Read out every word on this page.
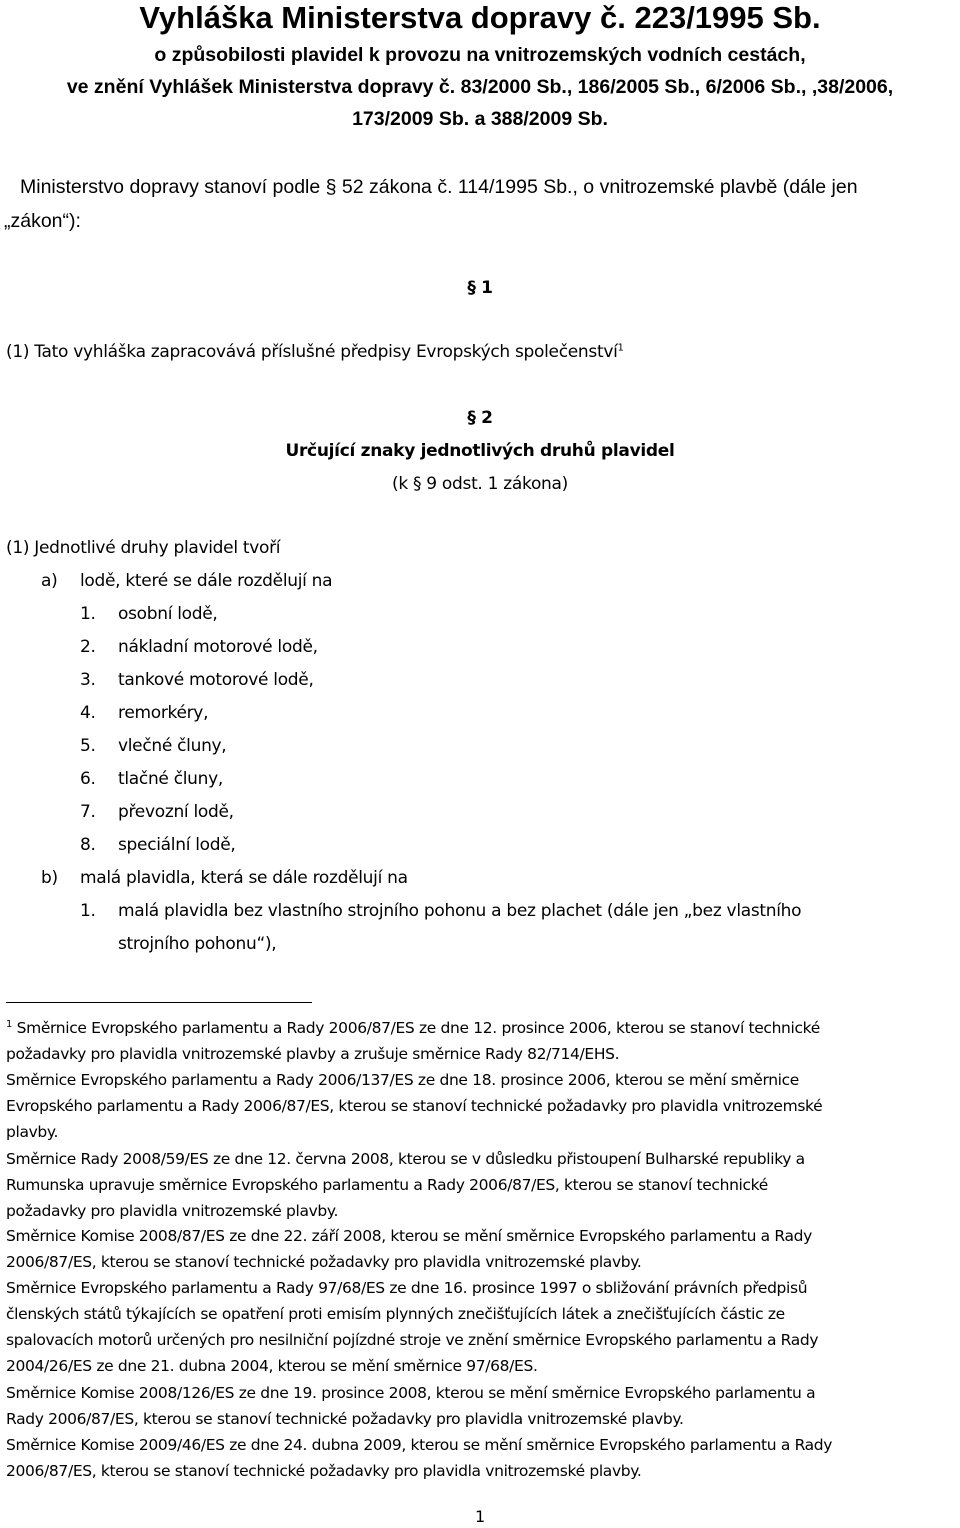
Vyhláška Ministerstva dopravy č. 223/1995 Sb.
o způsobilosti plavidel k provozu na vnitrozemských vodních cestách,
ve znění Vyhlášek Ministerstva dopravy č. 83/2000 Sb., 186/2005 Sb., 6/2006 Sb., ,38/2006,
173/2009 Sb. a 388/2009 Sb.
Ministerstvo dopravy stanoví podle § 52 zákona č. 114/1995 Sb., o vnitrozemské plavbě (dále jen
„zákon“):
§ 1
(1) Tato vyhláška zapracovává příslušné předpisy Evropských společenství$^1$
§ 2
Určující znaky jednotlivých druhů plavidel
(k § 9 odst. 1 zákona)
(1) Jednotlivé druhy plavidel tvoří
a) lodě, které se dále rozdělují na
1. osobní lodě,
2. nákladní motorové lodě,
3. tankové motorové lodě,
4. remorkéry,
5. vlečné čluny,
6. tlačné čluny,
7. převozní lodě,
8. speciální lodě,
b) malá plavidla, která se dále rozdělují na
1. malá plavidla bez vlastního strojního pohonu a bez plachet (dále jen „bez vlastního
strojního pohonu“),
$^1$ Směrnice Evropského parlamentu a Rady 2006/87/ES ze dne 12. prosince 2006, kterou se stanoví technické
požadavky pro plavidla vnitrozemské plavby a zrušuje směrnice Rady 82/714/EHS.
Směrnice Evropského parlamentu a Rady 2006/137/ES ze dne 18. prosince 2006, kterou se mění směrnice
Evropského parlamentu a Rady 2006/87/ES, kterou se stanoví technické požadavky pro plavidla vnitrozemské
plavby.
Směrnice Rady 2008/59/ES ze dne 12. června 2008, kterou se v důsledku přistoupení Bulharské republiky a
Rumunska upravuje směrnice Evropského parlamentu a Rady 2006/87/ES, kterou se stanoví technické
požadavky pro plavidla vnitrozemské plavby.
Směrnice Komise 2008/87/ES ze dne 22. září 2008, kterou se mění směrnice Evropského parlamentu a Rady
2006/87/ES, kterou se stanoví technické požadavky pro plavidla vnitrozemské plavby.
Směrnice Evropského parlamentu a Rady 97/68/ES ze dne 16. prosince 1997 o sbližování právních předpisů
členských států týkajících se opatření proti emisím plynných znečišťujících látek a znečišťujících částic ze
spalovacích motorů určených pro nesilniční pojízdné stroje ve znění směrnice Evropského parlamentu a Rady
2004/26/ES ze dne 21. dubna 2004, kterou se mění směrnice 97/68/ES.
Směrnice Komise 2008/126/ES ze dne 19. prosince 2008, kterou se mění směrnice Evropského parlamentu a
Rady 2006/87/ES, kterou se stanoví technické požadavky pro plavidla vnitrozemské plavby.
Směrnice Komise 2009/46/ES ze dne 24. dubna 2009, kterou se mění směrnice Evropského parlamentu a Rady
2006/87/ES, kterou se stanoví technické požadavky pro plavidla vnitrozemské plavby.
1
